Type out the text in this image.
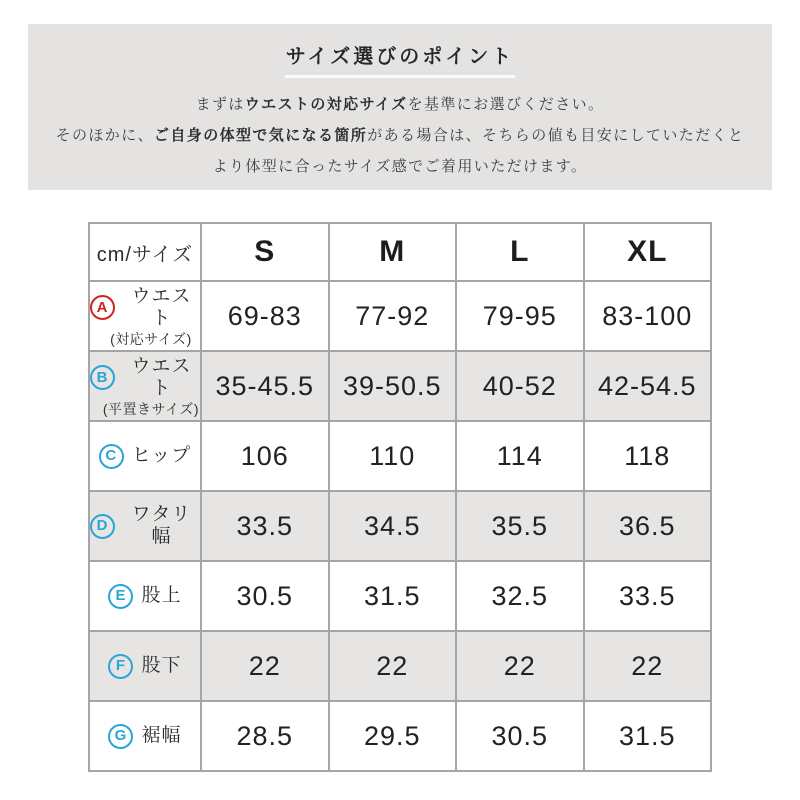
サイズ選びのポイント
まずはウエストの対応サイズを基準にお選びください。
そのほかに、ご自身の体型で気になる箇所がある場合は、そちらの値も目安にしていただくと
より体型に合ったサイズ感でご着用いただけます。
cm/サイズ	S	M	L	XL

A
ウエスト
(対応サイズ)	69-83	77-92	79-95	83-100

B
ウエスト
(平置きサイズ)	35-45.5	39-50.5	40-52	42-54.5

C ヒップ	106	110	114	118

D
ワタリ幅	33.5	34.5	35.5	36.5

E 股上	30.5	31.5	32.5	33.5

F 股下	22	22	22	22

G 裾幅	28.5	29.5	30.5	31.5
